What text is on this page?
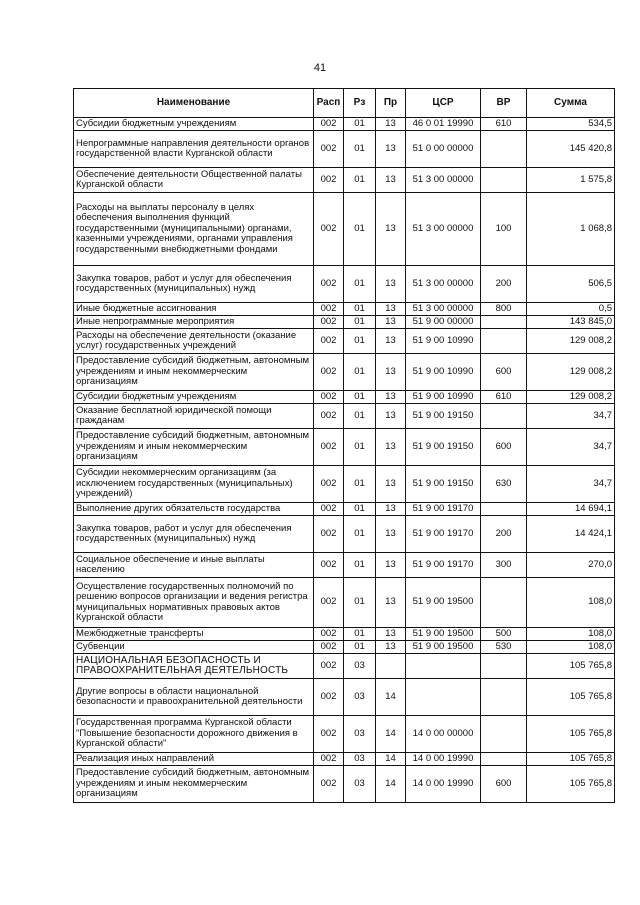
41
Наименование	Расп	Рз	Пр	ЦСР	ВР	Сумма
Субсидии бюджетным учреждениям	002	01	13	46 0 01 19990	610	534,5
Непрограммные направления деятельности органов государственной власти Курганской области	002	01	13	51 0 00 00000		145 420,8
Обеспечение деятельности Общественной палаты Курганской области	002	01	13	51 3 00 00000		1 575,8
Расходы на выплаты персоналу в целях обеспечения выполнения функций государственными (муниципальными) органами, казенными учреждениями, органами управления государственными внебюджетными фондами	002	01	13	51 3 00 00000	100	1 068,8
Закупка товаров, работ и услуг для обеспечения государственных (муниципальных) нужд	002	01	13	51 3 00 00000	200	506,5
Иные бюджетные ассигнования	002	01	13	51 3 00 00000	800	0,5
Иные непрограммные мероприятия	002	01	13	51 9 00 00000		143 845,0
Расходы на обеспечение деятельности (оказание услуг) государственных учреждений	002	01	13	51 9 00 10990		129 008,2
Предоставление субсидий бюджетным, автономным учреждениям и иным некоммерческим организациям	002	01	13	51 9 00 10990	600	129 008,2
Субсидии бюджетным учреждениям	002	01	13	51 9 00 10990	610	129 008,2
Оказание бесплатной юридической помощи гражданам	002	01	13	51 9 00 19150		34,7
Предоставление субсидий бюджетным, автономным учреждениям и иным некоммерческим организациям	002	01	13	51 9 00 19150	600	34,7
Субсидии некоммерческим организациям (за исключением государственных (муниципальных) учреждений)	002	01	13	51 9 00 19150	630	34,7
Выполнение других обязательств государства	002	01	13	51 9 00 19170		14 694,1
Закупка товаров, работ и услуг для обеспечения государственных (муниципальных) нужд	002	01	13	51 9 00 19170	200	14 424,1
Социальное обеспечение и иные выплаты населению	002	01	13	51 9 00 19170	300	270,0
Осуществление государственных полномочий по решению вопросов организации и ведения регистра муниципальных нормативных правовых актов Курганской области	002	01	13	51 9 00 19500		108,0
Межбюджетные трансферты	002	01	13	51 9 00 19500	500	108,0
Субвенции	002	01	13	51 9 00 19500	530	108,0
НАЦИОНАЛЬНАЯ БЕЗОПАСНОСТЬ И ПРАВООХРАНИТЕЛЬНАЯ ДЕЯТЕЛЬНОСТЬ	002	03				105 765,8
Другие вопросы в области национальной безопасности и правоохранительной деятельности	002	03	14			105 765,8
Государственная программа Курганской области "Повышение безопасности дорожного движения в Курганской области"	002	03	14	14 0 00 00000		105 765,8
Реализация иных направлений	002	03	14	14 0 00 19990		105 765,8
Предоставление субсидий бюджетным, автономным учреждениям и иным некоммерческим организациям	002	03	14	14 0 00 19990	600	105 765,8
